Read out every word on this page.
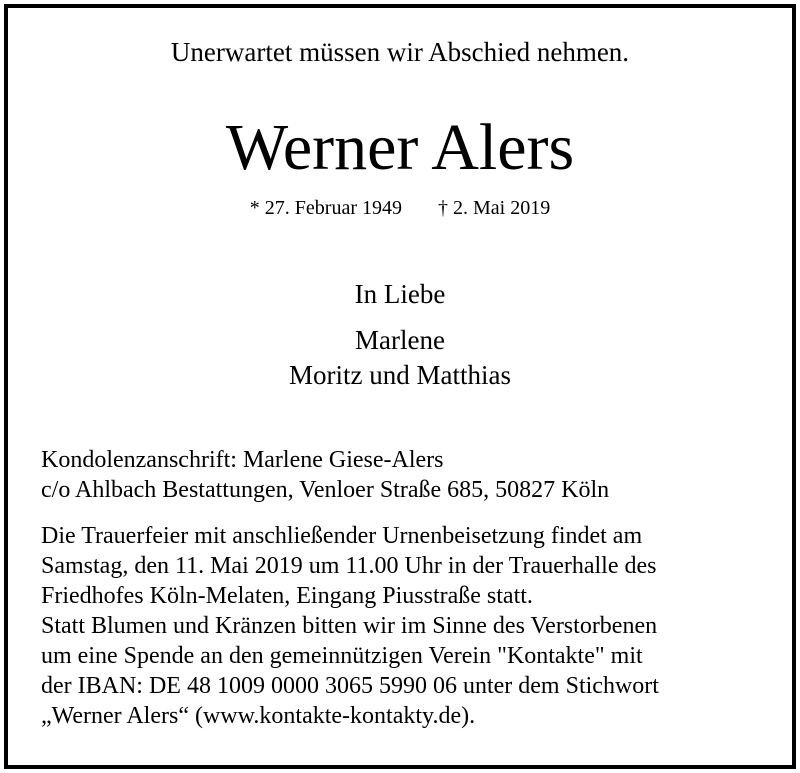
Unerwartet müssen wir Abschied nehmen.
Werner Alers
* 27. Februar 1949 † 2. Mai 2019
In Liebe
Marlene
Moritz und Matthias
Kondolenzanschrift: Marlene Giese-Alers
c/o Ahlbach Bestattungen, Venloer Straße 685, 50827 Köln
Die Trauerfeier mit anschließender Urnenbeisetzung findet am
Samstag, den 11. Mai 2019 um 11.00 Uhr in der Trauerhalle des
Friedhofes Köln-Melaten, Eingang Piusstraße statt.
Statt Blumen und Kränzen bitten wir im Sinne des Verstorbenen
um eine Spende an den gemeinnützigen Verein "Kontakte" mit
der IBAN: DE 48 1009 0000 3065 5990 06 unter dem Stichwort
„Werner Alers“ (www.kontakte-kontakty.de).
